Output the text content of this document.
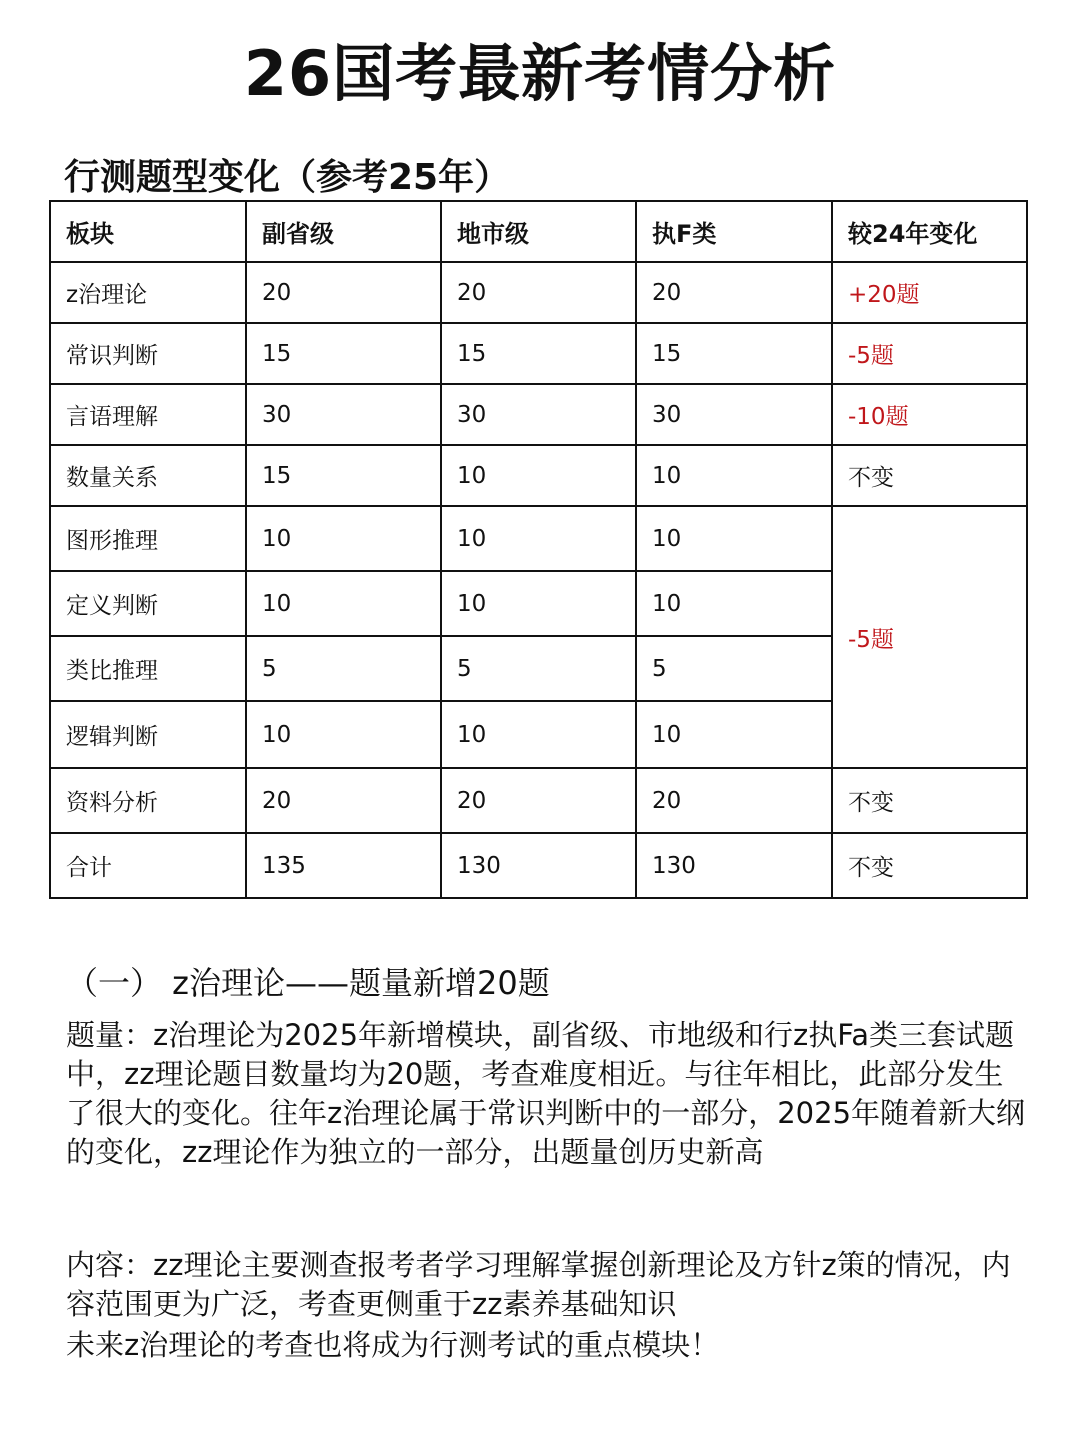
26国考最新考情分析
行测题型变化（参考25年）
板块	副省级	地市级	执F类	较24年变化
z治理论	20	20	20	+20题
常识判断	15	15	15	-5题
言语理解	30	30	30	-10题
数量关系	15	10	10	不变
图形推理	10	10	10	-5题
定义判断	10	10	10	
类比推理	5	5	5	
逻辑判断	10	10	10	
资料分析	20	20	20	不变
合计	135	130	130	不变
（一） z治理论——题量新增20题
题量：z治理论为2025年新增模块，副省级、市地级和行z执Fa类三套试题中，zz理论题目数量均为20题，考查难度相近。与往年相比，此部分发生了很大的变化。往年z治理论属于常识判断中的一部分，2025年随着新大纲的变化，zz理论作为独立的一部分，出题量创历史新高
内容：zz理论主要测查报考者学习理解掌握创新理论及方针z策的情况，内容范围更为广泛，考查更侧重于zz素养基础知识
未来z治理论的考查也将成为行测考试的重点模块！
